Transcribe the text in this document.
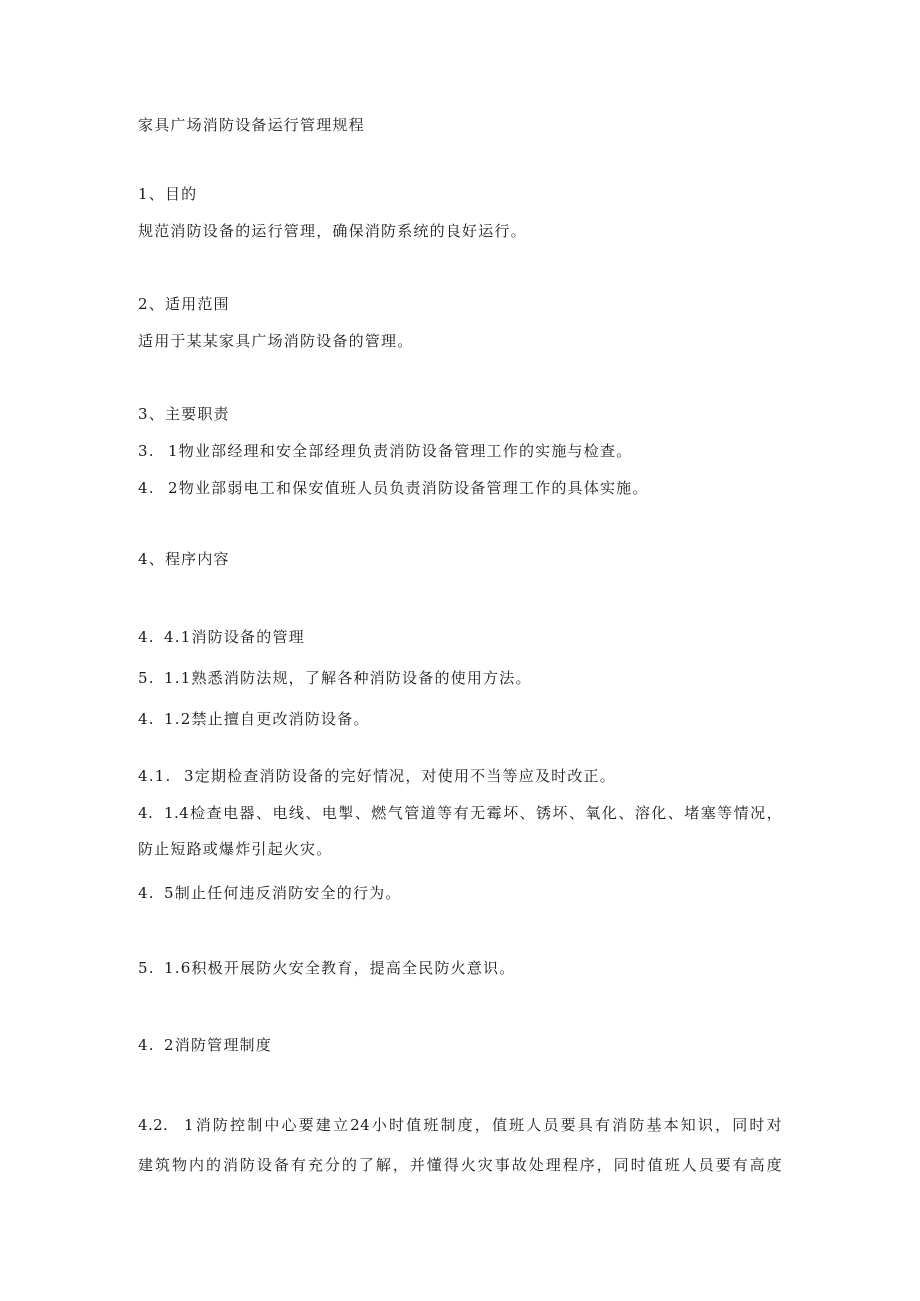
家具广场消防设备运行管理规程
1、目的
规范消防设备的运行管理，确保消防系统的良好运行。
2、适用范围
适用于某某家具广场消防设备的管理。
3、主要职责
3. 1物业部经理和安全部经理负责消防设备管理工作的实施与检查。
4. 2物业部弱电工和保安值班人员负责消防设备管理工作的具体实施。
4、程序内容
4. 4.1消防设备的管理
5. 1.1熟悉消防法规，了解各种消防设备的使用方法。
4. 1.2禁止擅自更改消防设备。
4.1. 3定期检查消防设备的完好情况，对使用不当等应及时改正。
4. 1.4检查电器、电线、电掣、燃气管道等有无霉坏、锈坏、氧化、溶化、堵塞等情况，
防止短路或爆炸引起火灾。
4. 5制止任何违反消防安全的行为。
5. 1.6积极开展防火安全教育，提高全民防火意识。
4. 2消防管理制度
4.2. 1消防控制中心要建立24小时值班制度，值班人员要具有消防基本知识，同时对
建筑物内的消防设备有充分的了解，并懂得火灾事故处理程序，同时值班人员要有高度
